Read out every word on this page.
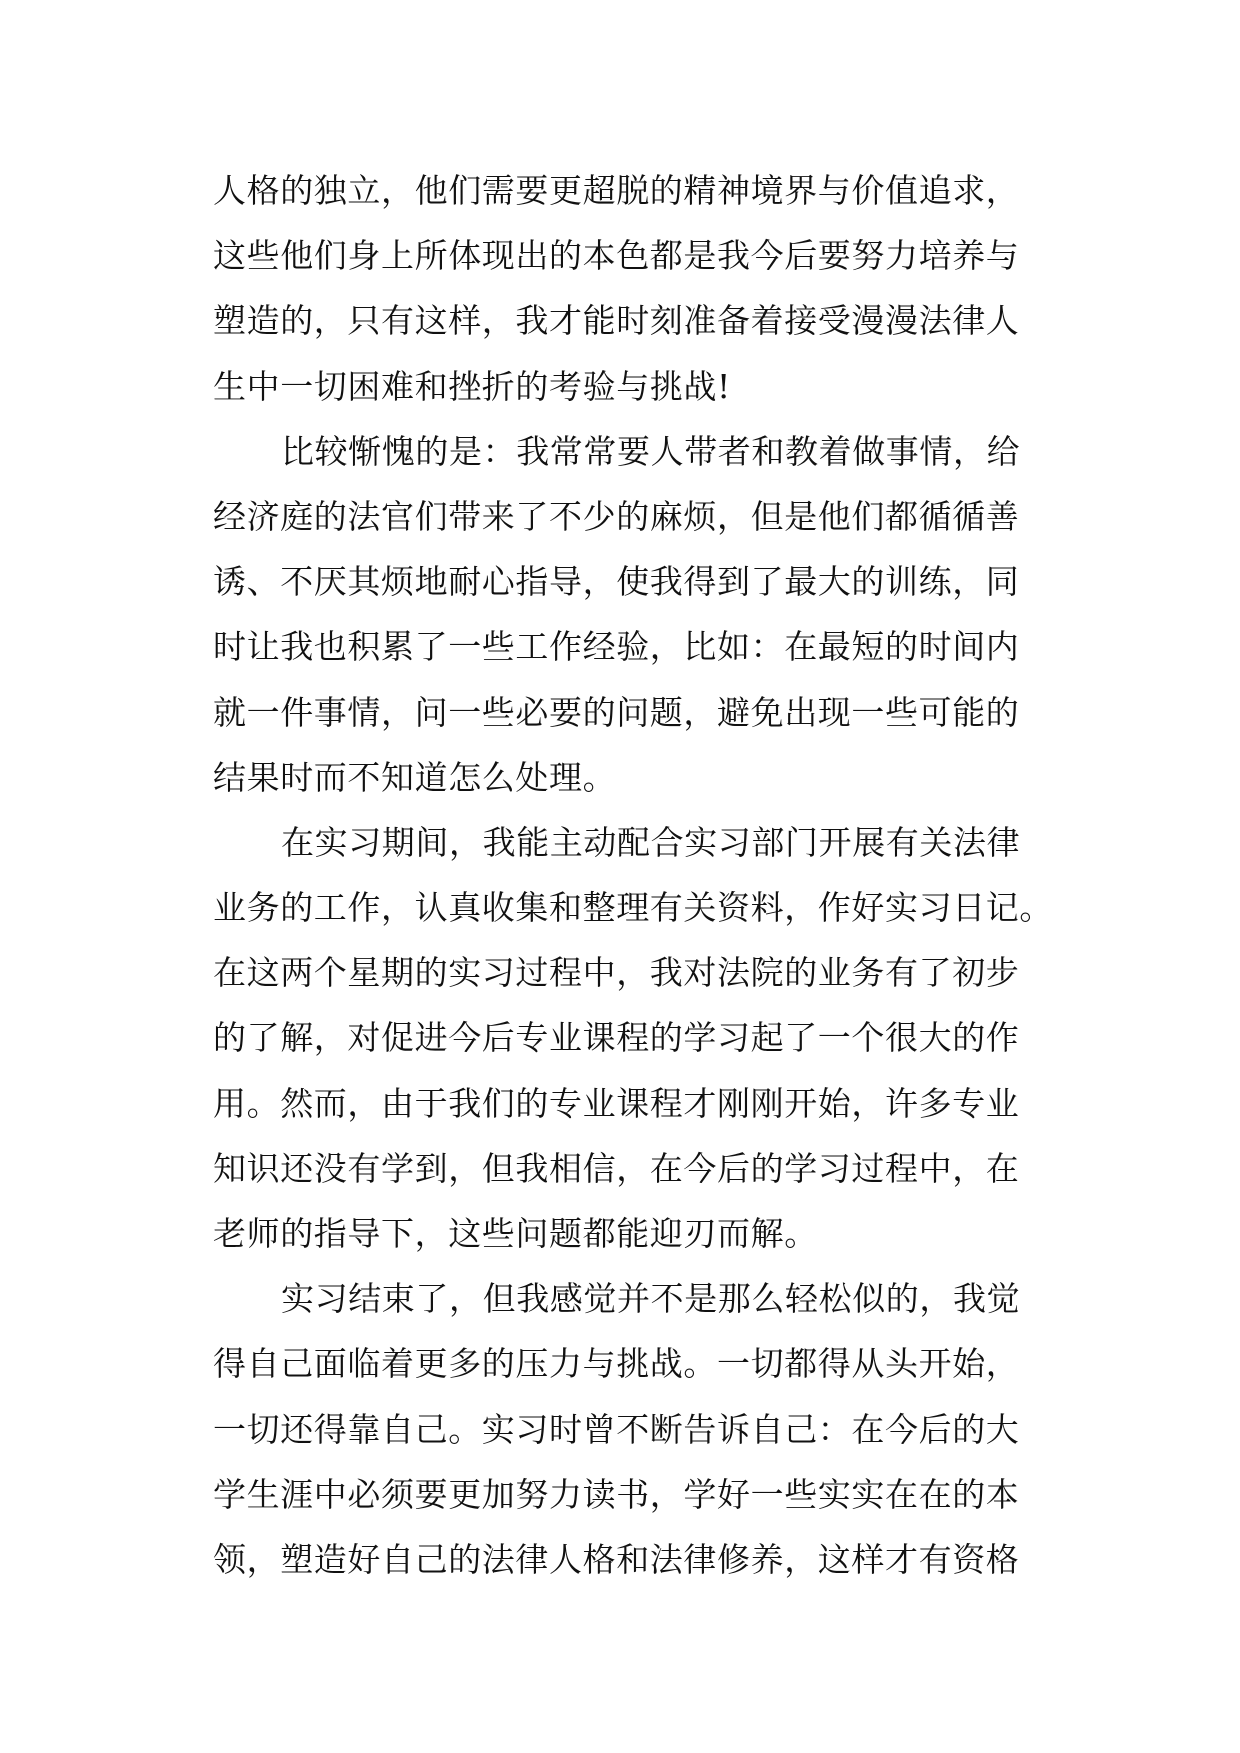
人格的独立，他们需要更超脱的精神境界与价值追求，
这些他们身上所体现出的本色都是我今后要努力培养与
塑造的，只有这样，我才能时刻准备着接受漫漫法律人
生中一切困难和挫折的考验与挑战!
比较惭愧的是：我常常要人带者和教着做事情，给
经济庭的法官们带来了不少的麻烦，但是他们都循循善
诱、不厌其烦地耐心指导，使我得到了最大的训练，同
时让我也积累了一些工作经验，比如：在最短的时间内
就一件事情，问一些必要的问题，避免出现一些可能的
结果时而不知道怎么处理。
在实习期间，我能主动配合实习部门开展有关法律
业务的工作，认真收集和整理有关资料，作好实习日记。
在这两个星期的实习过程中，我对法院的业务有了初步
的了解，对促进今后专业课程的学习起了一个很大的作
用。然而，由于我们的专业课程才刚刚开始，许多专业
知识还没有学到，但我相信，在今后的学习过程中，在
老师的指导下，这些问题都能迎刃而解。
实习结束了，但我感觉并不是那么轻松似的，我觉
得自己面临着更多的压力与挑战。一切都得从头开始，
一切还得靠自己。实习时曾不断告诉自己：在今后的大
学生涯中必须要更加努力读书，学好一些实实在在的本
领，塑造好自己的法律人格和法律修养，这样才有资格
